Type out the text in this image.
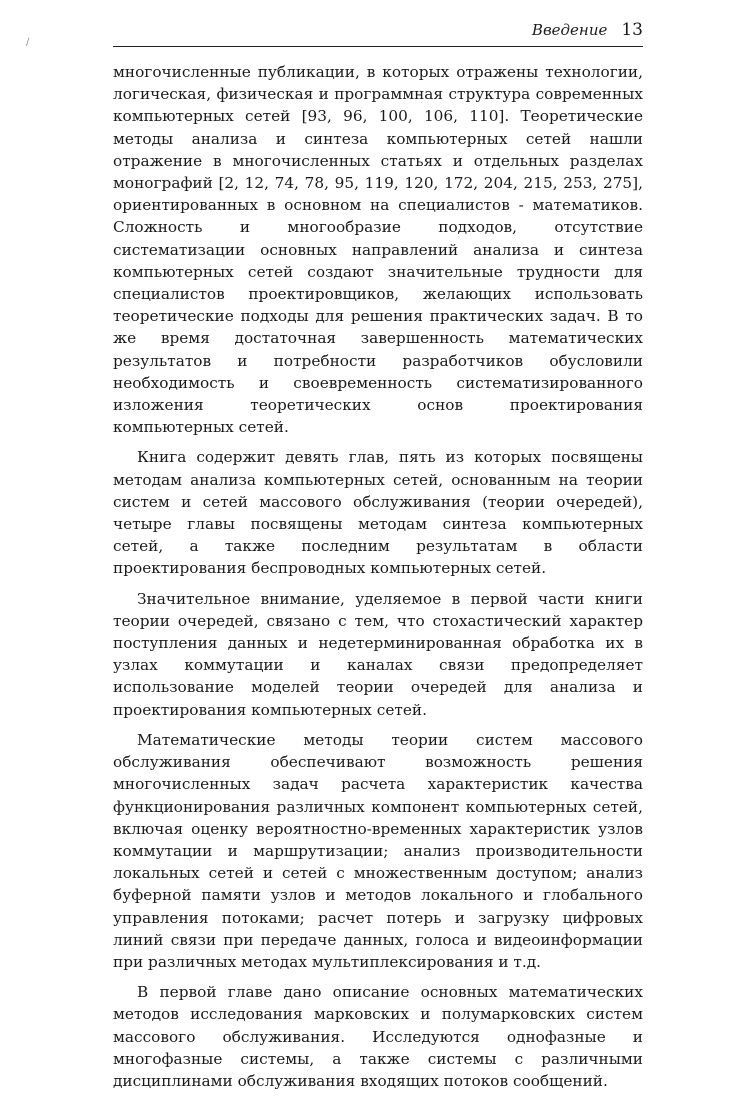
/
Введение 13

многочисленные публикации, в которых отражены технологии, логическая, физическая и программная структура современных компьютерных сетей [93, 96, 100, 106, 110]. Теоретические методы анализа и синтеза компьютерных сетей нашли отражение в многочисленных статьях и отдельных разделах монографий [2, 12, 74, 78, 95, 119, 120, 172, 204, 215, 253, 275], ориентированных в основном на специалистов - математиков. Сложность и многообразие подходов, отсутствие систематизации основных направлений анализа и синтеза компьютерных сетей создают значительные трудности для специалистов проектировщиков, желающих использовать теоретические подходы для решения практических задач. В то же время достаточная завершенность математических результатов и потребности разработчиков обусловили необходимость и своевременность систематизированного изложения теоретических основ проектирования компьютерных сетей.

Книга содержит девять глав, пять из которых посвящены методам анализа компьютерных сетей, основанным на теории систем и сетей массового обслуживания (теории очередей), четыре главы посвящены методам синтеза компьютерных сетей, а также последним результатам в области проектирования беспроводных компьютерных сетей.

Значительное внимание, уделяемое в первой части книги теории очередей, связано с тем, что стохастический характер поступления данных и недетерминированная обработка их в узлах коммутации и каналах связи предопределяет использование моделей теории очередей для анализа и проектирования компьютерных сетей.

Математические методы теории систем массового обслуживания обеспечивают возможность решения многочисленных задач расчета характеристик качества функционирования различных компонент компьютерных сетей, включая оценку вероятностно-временных характеристик узлов коммутации и маршрутизации; анализ производительности локальных сетей и сетей с множественным доступом; анализ буферной памяти узлов и методов локального и глобального управления потоками; расчет потерь и загрузку цифровых линий связи при передаче данных, голоса и видеоинформации при различных методах мультиплексирования и т.д.

В первой главе дано описание основных математических методов исследования марковских и полумарковских систем массового обслуживания. Исследуются однофазные и многофазные системы, а также системы с различными дисциплинами обслуживания входящих потоков сообщений.
